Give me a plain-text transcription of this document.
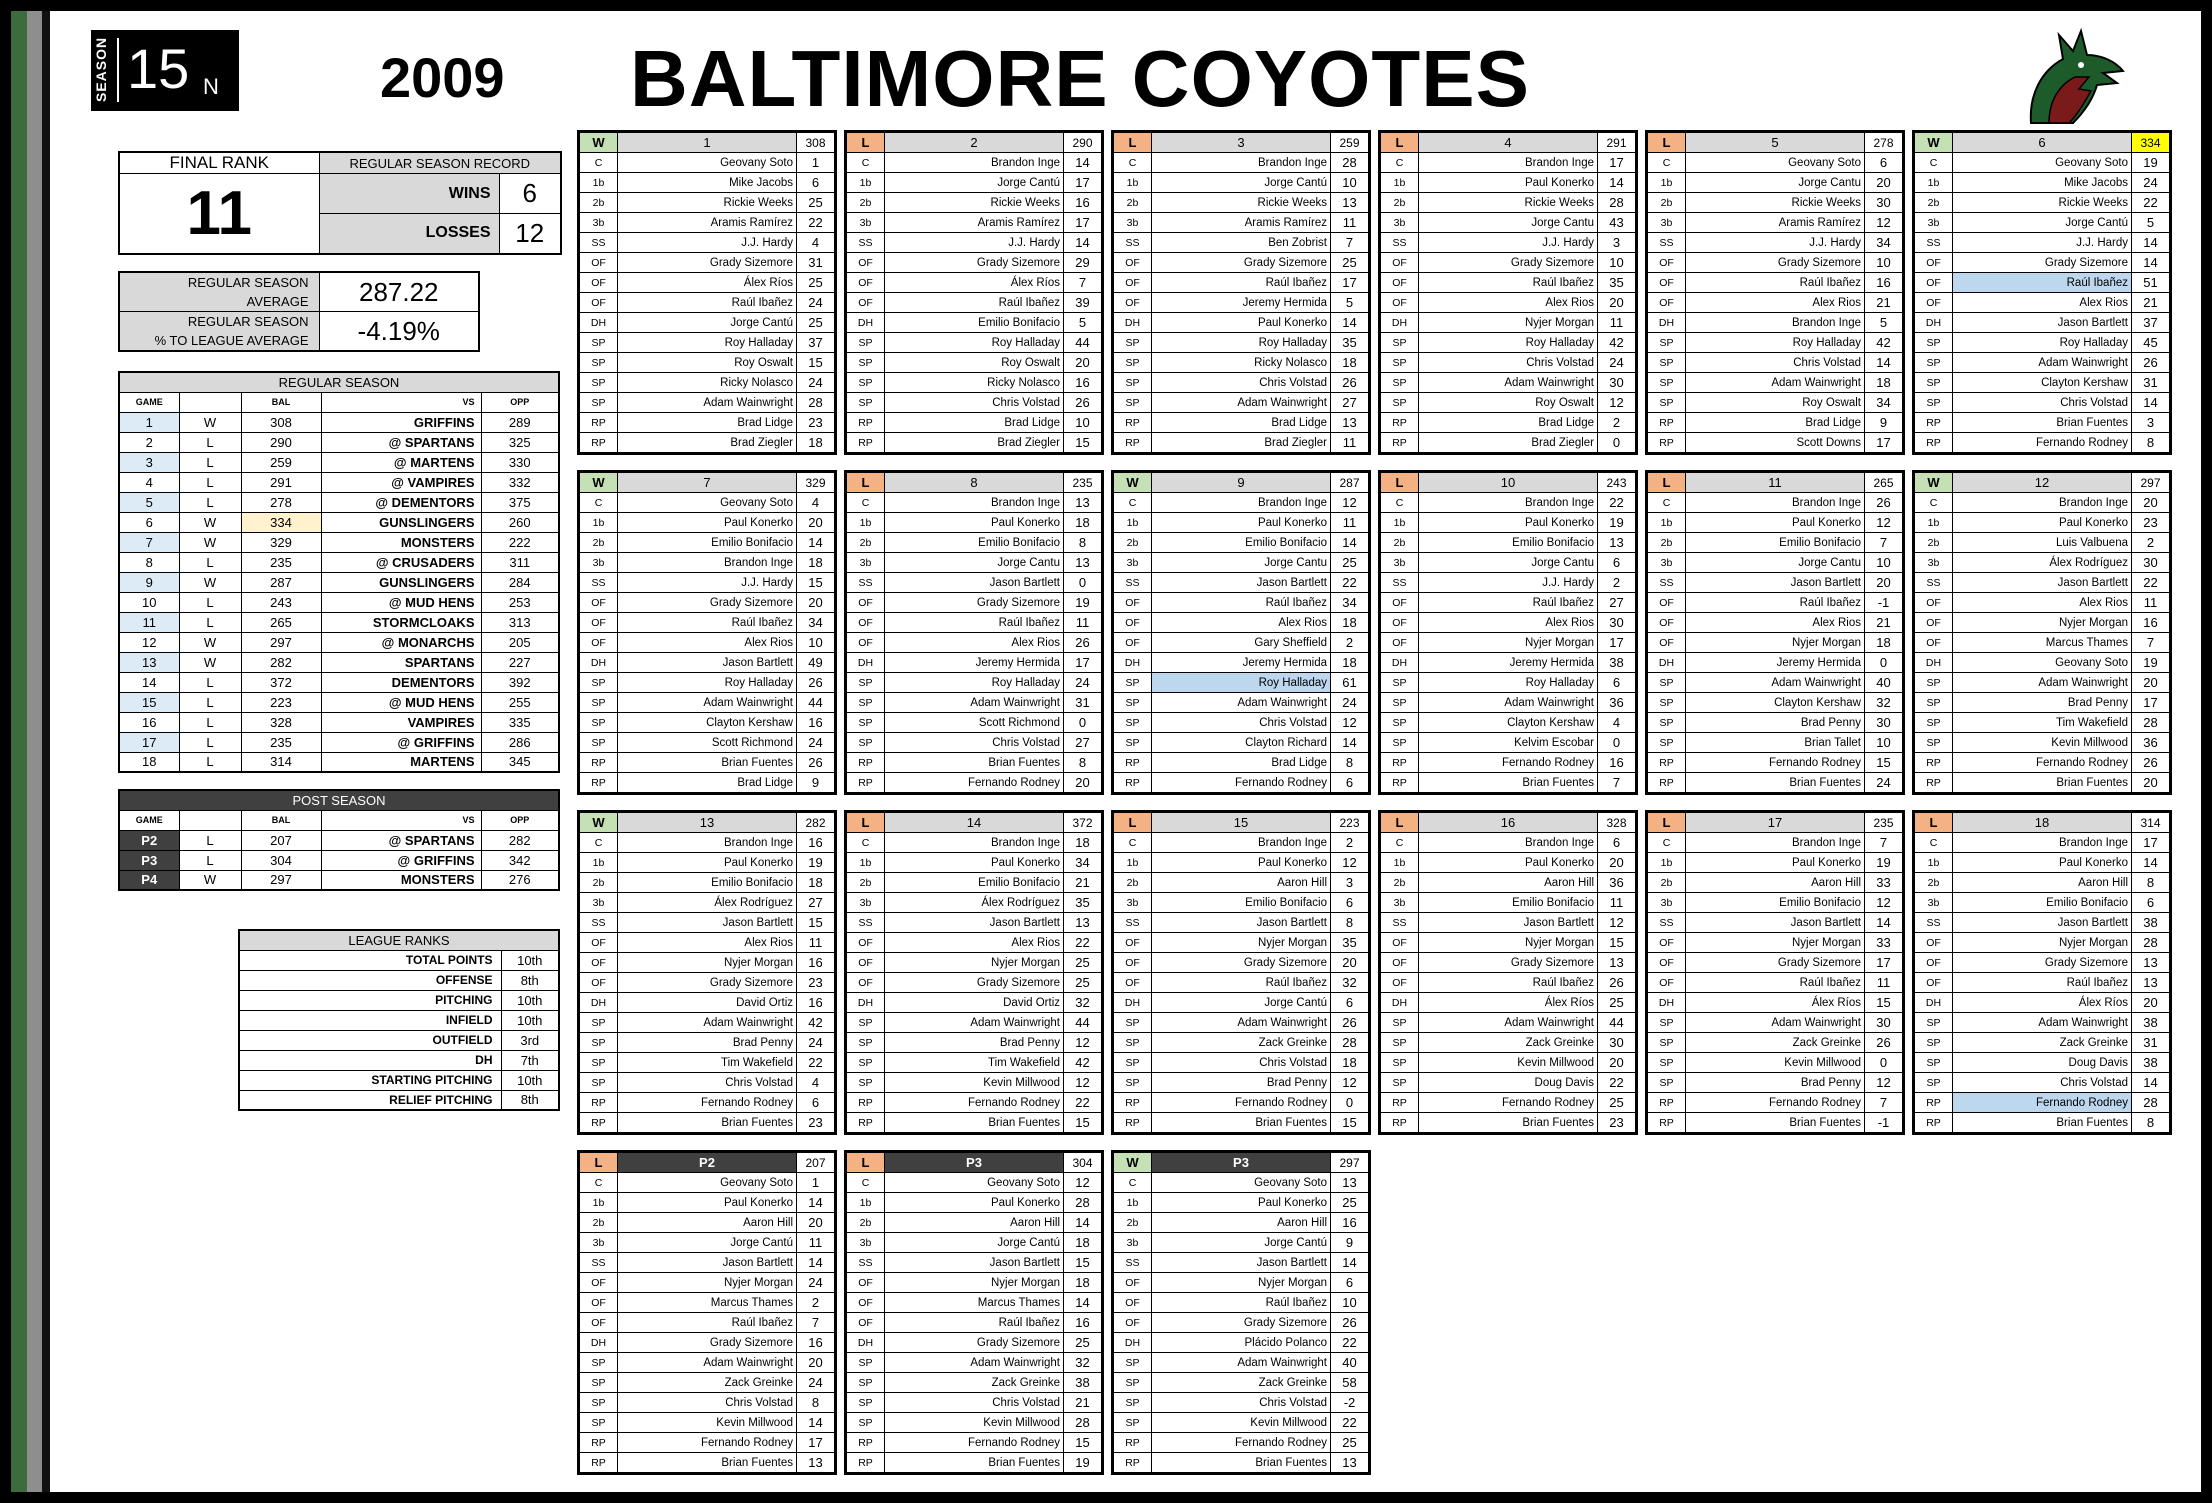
SEASON 15 N	2009 BALTIMORE COYOTES
FINAL RANK	REGULAR SEASON RECORD	
11	WINS	6
	LOSSES	12
REGULAR SEASON
AVERAGE	287.22

REGULAR SEASON
% TO LEAGUE AVERAGE	-4.19%
REGULAR SEASON				
GAME		BAL	VS	OPP
1	W	308	GRIFFINS	289
2	L	290	@ SPARTANS	325
3	L	259	@ MARTENS	330
4	L	291	@ VAMPIRES	332
5	L	278	@ DEMENTORS	375
6	W	334	GUNSLINGERS	260
7	W	329	MONSTERS	222
8	L	235	@ CRUSADERS	311
9	W	287	GUNSLINGERS	284
10	L	243	@ MUD HENS	253
11	L	265	STORMCLOAKS	313
12	W	297	@ MONARCHS	205
13	W	282	SPARTANS	227
14	L	372	DEMENTORS	392
15	L	223	@ MUD HENS	255
16	L	328	VAMPIRES	335
17	L	235	@ GRIFFINS	286
18	L	314	MARTENS	345
POST SEASON				
GAME		BAL	VS	OPP
P2	L	207	@ SPARTANS	282
P3	L	304	@ GRIFFINS	342
P4	W	297	MONSTERS	276
LEAGUE RANKS	
TOTAL POINTS	10th
OFFENSE	8th
PITCHING	10th
INFIELD	10th
OUTFIELD	3rd
DH	7th
STARTING PITCHING	10th
RELIEF PITCHING	8th
W	1	308
C	Geovany Soto	1
1b	Mike Jacobs	6
2b	Rickie Weeks	25
3b	Aramis Ramírez	22
SS	J.J. Hardy	4
OF	Grady Sizemore	31
OF	Álex Ríos	25
OF	Raúl Ibañez	24
DH	Jorge Cantú	25
SP	Roy Halladay	37
SP	Roy Oswalt	15
SP	Ricky Nolasco	24
SP	Adam Wainwright	28
RP	Brad Lidge	23
RP	Brad Ziegler	18
L	2	290
C	Brandon Inge	14
1b	Jorge Cantú	17
2b	Rickie Weeks	16
3b	Aramis Ramírez	17
SS	J.J. Hardy	14
OF	Grady Sizemore	29
OF	Álex Ríos	7
OF	Raúl Ibañez	39
DH	Emilio Bonifacio	5
SP	Roy Halladay	44
SP	Roy Oswalt	20
SP	Ricky Nolasco	16
SP	Chris Volstad	26
RP	Brad Lidge	10
RP	Brad Ziegler	15
L	3	259
C	Brandon Inge	28
1b	Jorge Cantú	10
2b	Rickie Weeks	13
3b	Aramis Ramírez	11
SS	Ben Zobrist	7
OF	Grady Sizemore	25
OF	Raúl Ibañez	17
OF	Jeremy Hermida	5
DH	Paul Konerko	14
SP	Roy Halladay	35
SP	Ricky Nolasco	18
SP	Chris Volstad	26
SP	Adam Wainwright	27
RP	Brad Lidge	13
RP	Brad Ziegler	11
L	4	291
C	Brandon Inge	17
1b	Paul Konerko	14
2b	Rickie Weeks	28
3b	Jorge Cantu	43
SS	J.J. Hardy	3
OF	Grady Sizemore	10
OF	Raúl Ibañez	35
OF	Alex Rios	20
DH	Nyjer Morgan	11
SP	Roy Halladay	42
SP	Chris Volstad	24
SP	Adam Wainwright	30
SP	Roy Oswalt	12
RP	Brad Lidge	2
RP	Brad Ziegler	0
L	5	278
C	Geovany Soto	6
1b	Jorge Cantu	20
2b	Rickie Weeks	30
3b	Aramis Ramírez	12
SS	J.J. Hardy	34
OF	Grady Sizemore	10
OF	Raúl Ibañez	16
OF	Alex Rios	21
DH	Brandon Inge	5
SP	Roy Halladay	42
SP	Chris Volstad	14
SP	Adam Wainwright	18
SP	Roy Oswalt	34
RP	Brad Lidge	9
RP	Scott Downs	17
W	6	334
C	Geovany Soto	19
1b	Mike Jacobs	24
2b	Rickie Weeks	22
3b	Jorge Cantú	5
SS	J.J. Hardy	14
OF	Grady Sizemore	14
OF	Raúl Ibañez	51
OF	Alex Rios	21
DH	Jason Bartlett	37
SP	Roy Halladay	45
SP	Adam Wainwright	26
SP	Clayton Kershaw	31
SP	Chris Volstad	14
RP	Brian Fuentes	3
RP	Fernando Rodney	8
W	7	329
C	Geovany Soto	4
1b	Paul Konerko	20
2b	Emilio Bonifacio	14
3b	Brandon Inge	18
SS	J.J. Hardy	15
OF	Grady Sizemore	20
OF	Raúl Ibañez	34
OF	Alex Rios	10
DH	Jason Bartlett	49
SP	Roy Halladay	26
SP	Adam Wainwright	44
SP	Clayton Kershaw	16
SP	Scott Richmond	24
RP	Brian Fuentes	26
RP	Brad Lidge	9
L	8	235
C	Brandon Inge	13
1b	Paul Konerko	18
2b	Emilio Bonifacio	8
3b	Jorge Cantu	13
SS	Jason Bartlett	0
OF	Grady Sizemore	19
OF	Raúl Ibañez	11
OF	Alex Rios	26
DH	Jeremy Hermida	17
SP	Roy Halladay	24
SP	Adam Wainwright	31
SP	Scott Richmond	0
SP	Chris Volstad	27
RP	Brian Fuentes	8
RP	Fernando Rodney	20
W	9	287
C	Brandon Inge	12
1b	Paul Konerko	11
2b	Emilio Bonifacio	14
3b	Jorge Cantu	25
SS	Jason Bartlett	22
OF	Raúl Ibañez	34
OF	Alex Rios	18
OF	Gary Sheffield	2
DH	Jeremy Hermida	18
SP	Roy Halladay	61
SP	Adam Wainwright	24
SP	Chris Volstad	12
SP	Clayton Richard	14
RP	Brad Lidge	8
RP	Fernando Rodney	6
L	10	243
C	Brandon Inge	22
1b	Paul Konerko	19
2b	Emilio Bonifacio	13
3b	Jorge Cantu	6
SS	J.J. Hardy	2
OF	Raúl Ibañez	27
OF	Alex Rios	30
OF	Nyjer Morgan	17
DH	Jeremy Hermida	38
SP	Roy Halladay	6
SP	Adam Wainwright	36
SP	Clayton Kershaw	4
SP	Kelvim Escobar	0
RP	Fernando Rodney	16
RP	Brian Fuentes	7
L	11	265
C	Brandon Inge	26
1b	Paul Konerko	12
2b	Emilio Bonifacio	7
3b	Jorge Cantu	10
SS	Jason Bartlett	20
OF	Raúl Ibañez	-1
OF	Alex Rios	21
OF	Nyjer Morgan	18
DH	Jeremy Hermida	0
SP	Adam Wainwright	40
SP	Clayton Kershaw	32
SP	Brad Penny	30
SP	Brian Tallet	10
RP	Fernando Rodney	15
RP	Brian Fuentes	24
W	12	297
C	Brandon Inge	20
1b	Paul Konerko	23
2b	Luis Valbuena	2
3b	Álex Rodríguez	30
SS	Jason Bartlett	22
OF	Alex Rios	11
OF	Nyjer Morgan	16
OF	Marcus Thames	7
DH	Geovany Soto	19
SP	Adam Wainwright	20
SP	Brad Penny	17
SP	Tim Wakefield	28
SP	Kevin Millwood	36
RP	Fernando Rodney	26
RP	Brian Fuentes	20
W	13	282
C	Brandon Inge	16
1b	Paul Konerko	19
2b	Emilio Bonifacio	18
3b	Álex Rodríguez	27
SS	Jason Bartlett	15
OF	Alex Rios	11
OF	Nyjer Morgan	16
OF	Grady Sizemore	23
DH	David Ortiz	16
SP	Adam Wainwright	42
SP	Brad Penny	24
SP	Tim Wakefield	22
SP	Chris Volstad	4
RP	Fernando Rodney	6
RP	Brian Fuentes	23
L	14	372
C	Brandon Inge	18
1b	Paul Konerko	34
2b	Emilio Bonifacio	21
3b	Álex Rodríguez	35
SS	Jason Bartlett	13
OF	Alex Rios	22
OF	Nyjer Morgan	25
OF	Grady Sizemore	25
DH	David Ortiz	32
SP	Adam Wainwright	44
SP	Brad Penny	12
SP	Tim Wakefield	42
SP	Kevin Millwood	12
RP	Fernando Rodney	22
RP	Brian Fuentes	15
L	15	223
C	Brandon Inge	2
1b	Paul Konerko	12
2b	Aaron Hill	3
3b	Emilio Bonifacio	6
SS	Jason Bartlett	8
OF	Nyjer Morgan	35
OF	Grady Sizemore	20
OF	Raúl Ibañez	32
DH	Jorge Cantú	6
SP	Adam Wainwright	26
SP	Zack Greinke	28
SP	Chris Volstad	18
SP	Brad Penny	12
RP	Fernando Rodney	0
RP	Brian Fuentes	15
L	16	328
C	Brandon Inge	6
1b	Paul Konerko	20
2b	Aaron Hill	36
3b	Emilio Bonifacio	11
SS	Jason Bartlett	12
OF	Nyjer Morgan	15
OF	Grady Sizemore	13
OF	Raúl Ibañez	26
DH	Álex Ríos	25
SP	Adam Wainwright	44
SP	Zack Greinke	30
SP	Kevin Millwood	20
SP	Doug Davis	22
RP	Fernando Rodney	25
RP	Brian Fuentes	23
L	17	235
C	Brandon Inge	7
1b	Paul Konerko	19
2b	Aaron Hill	33
3b	Emilio Bonifacio	12
SS	Jason Bartlett	14
OF	Nyjer Morgan	33
OF	Grady Sizemore	17
OF	Raúl Ibañez	11
DH	Álex Ríos	15
SP	Adam Wainwright	30
SP	Zack Greinke	26
SP	Kevin Millwood	0
SP	Brad Penny	12
RP	Fernando Rodney	7
RP	Brian Fuentes	-1
L	18	314
C	Brandon Inge	17
1b	Paul Konerko	14
2b	Aaron Hill	8
3b	Emilio Bonifacio	6
SS	Jason Bartlett	38
OF	Nyjer Morgan	28
OF	Grady Sizemore	13
OF	Raúl Ibañez	13
DH	Álex Ríos	20
SP	Adam Wainwright	38
SP	Zack Greinke	31
SP	Doug Davis	38
SP	Chris Volstad	14
RP	Fernando Rodney	28
RP	Brian Fuentes	8
L	P2	207
C	Geovany Soto	1
1b	Paul Konerko	14
2b	Aaron Hill	20
3b	Jorge Cantú	11
SS	Jason Bartlett	14
OF	Nyjer Morgan	24
OF	Marcus Thames	2
OF	Raúl Ibañez	7
DH	Grady Sizemore	16
SP	Adam Wainwright	20
SP	Zack Greinke	24
SP	Chris Volstad	8
SP	Kevin Millwood	14
RP	Fernando Rodney	17
RP	Brian Fuentes	13
L	P3	304
C	Geovany Soto	12
1b	Paul Konerko	28
2b	Aaron Hill	14
3b	Jorge Cantú	18
SS	Jason Bartlett	15
OF	Nyjer Morgan	18
OF	Marcus Thames	14
OF	Raúl Ibañez	16
DH	Grady Sizemore	25
SP	Adam Wainwright	32
SP	Zack Greinke	38
SP	Chris Volstad	21
SP	Kevin Millwood	28
RP	Fernando Rodney	15
RP	Brian Fuentes	19
W	P3	297
C	Geovany Soto	13
1b	Paul Konerko	25
2b	Aaron Hill	16
3b	Jorge Cantú	9
SS	Jason Bartlett	14
OF	Nyjer Morgan	6
OF	Raúl Ibañez	10
OF	Grady Sizemore	26
DH	Plácido Polanco	22
SP	Adam Wainwright	40
SP	Zack Greinke	58
SP	Chris Volstad	-2
SP	Kevin Millwood	22
RP	Fernando Rodney	25
RP	Brian Fuentes	13
